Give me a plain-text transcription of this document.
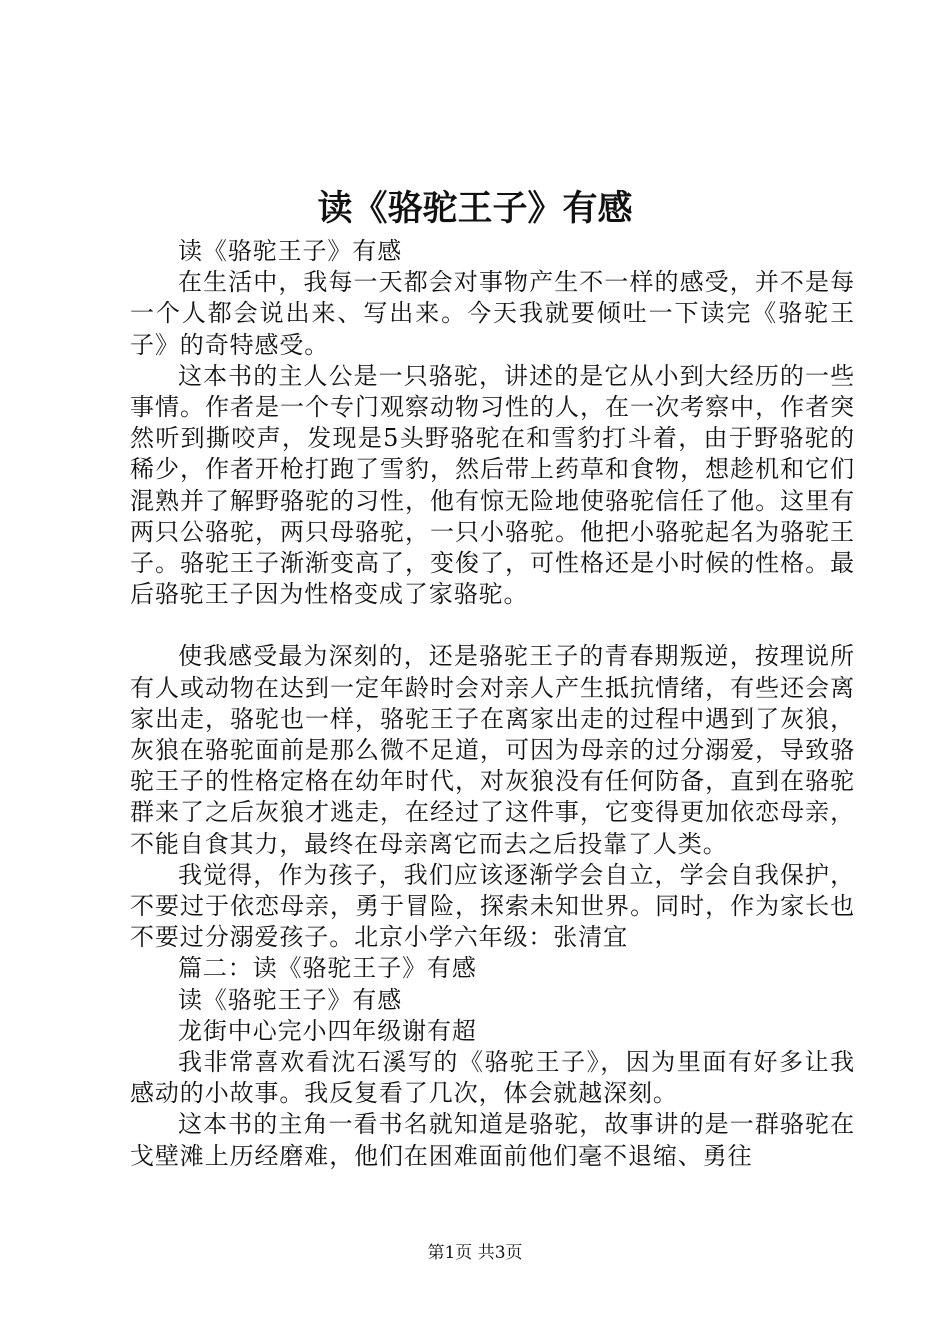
读《骆驼王子》有感

读《骆驼王子》有感

在生活中，我每一天都会对事物产生不一样的感受，并不是每一个人都会说出来、写出来。今天我就要倾吐一下读完《骆驼王子》的奇特感受。

这本书的主人公是一只骆驼，讲述的是它从小到大经历的一些事情。作者是一个专门观察动物习性的人，在一次考察中，作者突然听到撕咬声，发现是5头野骆驼在和雪豹打斗着，由于野骆驼的稀少，作者开枪打跑了雪豹，然后带上药草和食物，想趁机和它们混熟并了解野骆驼的习性，他有惊无险地使骆驼信任了他。这里有两只公骆驼，两只母骆驼，一只小骆驼。他把小骆驼起名为骆驼王子。骆驼王子渐渐变高了，变俊了，可性格还是小时候的性格。最后骆驼王子因为性格变成了家骆驼。

使我感受最为深刻的，还是骆驼王子的青春期叛逆，按理说所有人或动物在达到一定年龄时会对亲人产生抵抗情绪，有些还会离家出走，骆驼也一样，骆驼王子在离家出走的过程中遇到了灰狼，灰狼在骆驼面前是那么微不足道，可因为母亲的过分溺爱，导致骆驼王子的性格定格在幼年时代，对灰狼没有任何防备，直到在骆驼群来了之后灰狼才逃走，在经过了这件事，它变得更加依恋母亲，不能自食其力，最终在母亲离它而去之后投靠了人类。

我觉得，作为孩子，我们应该逐渐学会自立，学会自我保护，不要过于依恋母亲，勇于冒险，探索未知世界。同时，作为家长也不要过分溺爱孩子。北京小学六年级：张清宜

篇二：读《骆驼王子》有感

读《骆驼王子》有感

龙街中心完小四年级谢有超

我非常喜欢看沈石溪写的《骆驼王子》，因为里面有好多让我感动的小故事。我反复看了几次，体会就越深刻。

这本书的主角一看书名就知道是骆驼，故事讲的是一群骆驼在戈壁滩上历经磨难，他们在困难面前他们毫不退缩、勇往

第1页 共3页
